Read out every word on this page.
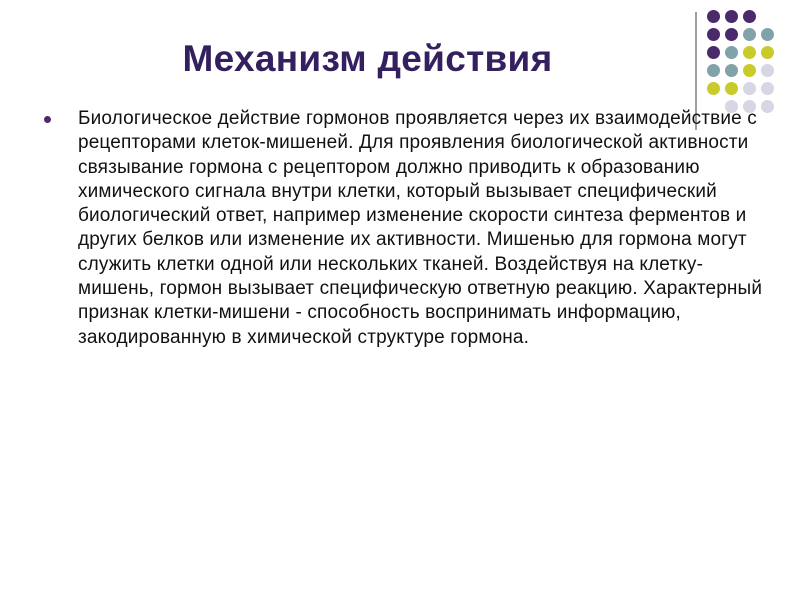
Механизм действия

Биологическое действие гормонов проявляется через их взаимодействие с рецепторами клеток-мишеней. Для проявления биологической активности связывание гормона с рецептором должно приводить к образованию химического сигнала внутри клетки, который вызывает специфический биологический ответ, например изменение скорости синтеза ферментов и других белков или изменение их активности. Мишенью для гормона могут служить клетки одной или нескольких тканей. Воздействуя на клетку-мишень, гормон вызывает специфическую ответную реакцию. Характерный признак клетки-мишени - способность воспринимать информацию, закодированную в химической структуре гормона.
